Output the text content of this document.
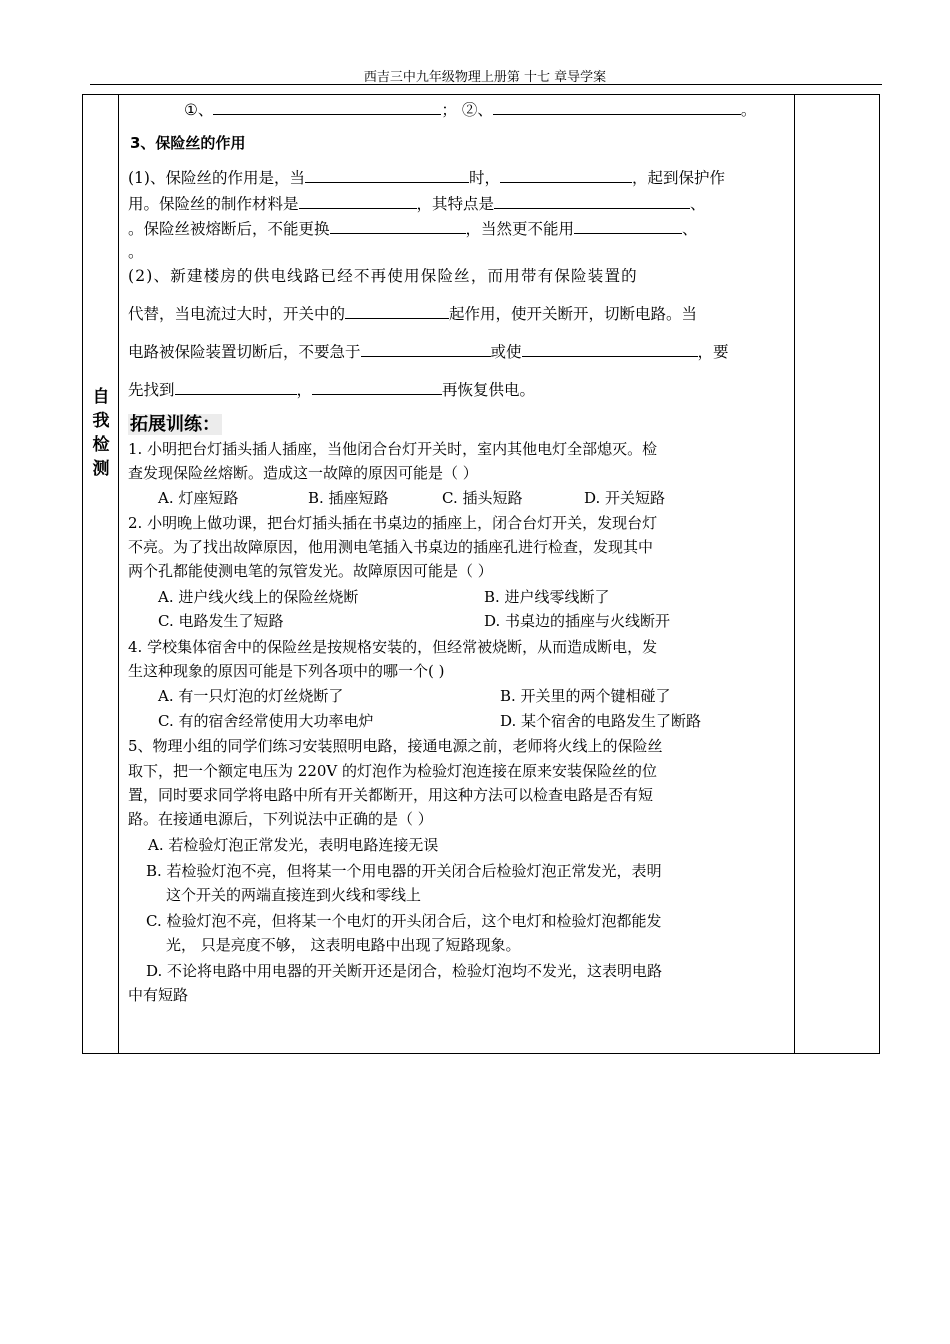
西吉三中九年级物理上册第 十七 章导学案
自
我
检
测
①、	； ②、	。
3、保险丝的作用
(1)、保险丝的作用是，当	时，	，起到保护作
用。保险丝的制作材料是	，其特点是	、
。保险丝被熔断后，不能更换	，当然更不能用	、
。
(2)、新建楼房的供电线路已经不再使用保险丝，而用带有保险装置的
代替，当电流过大时，开关中的	起作用，使开关断开，切断电路。当
电路被保险装置切断后，不要急于	或使	，要
先找到	，	再恢复供电。
拓展训练：
1. 小明把台灯插头插人插座，当他闭合台灯开关时，室内其他电灯全部熄灭。检
查发现保险丝熔断。造成这一故障的原因可能是（ ）
A. 灯座短路	B. 插座短路	C. 插头短路	D. 开关短路
2. 小明晚上做功课，把台灯插头插在书桌边的插座上，闭合台灯开关，发现台灯
不亮。为了找出故障原因，他用测电笔插入书桌边的插座孔进行检查，发现其中
两个孔都能使测电笔的氖管发光。故障原因可能是（ ）
A. 进户线火线上的保险丝烧断	B. 进户线零线断了
C. 电路发生了短路	D. 书桌边的插座与火线断开
4. 学校集体宿舍中的保险丝是按规格安装的，但经常被烧断，从而造成断电，发
生这种现象的原因可能是下列各项中的哪一个( )
A. 有一只灯泡的灯丝烧断了	B. 开关里的两个键相碰了
C. 有的宿舍经常使用大功率电炉	D. 某个宿舍的电路发生了断路
5、物理小组的同学们练习安装照明电路，接通电源之前，老师将火线上的保险丝
取下，把一个额定电压为 220V 的灯泡作为检验灯泡连接在原来安装保险丝的位
置，同时要求同学将电路中所有开关都断开，用这种方法可以检查电路是否有短
路。在接通电源后，下列说法中正确的是（ ）
A. 若检验灯泡正常发光，表明电路连接无误
B. 若检验灯泡不亮，但将某一个用电器的开关闭合后检验灯泡正常发光，表明
这个开关的两端直接连到火线和零线上
C. 检验灯泡不亮，但将某一个电灯的开头闭合后，这个电灯和检验灯泡都能发
光， 只是亮度不够， 这表明电路中出现了短路现象。
D. 不论将电路中用电器的开关断开还是闭合，检验灯泡均不发光，这表明电路
中有短路
